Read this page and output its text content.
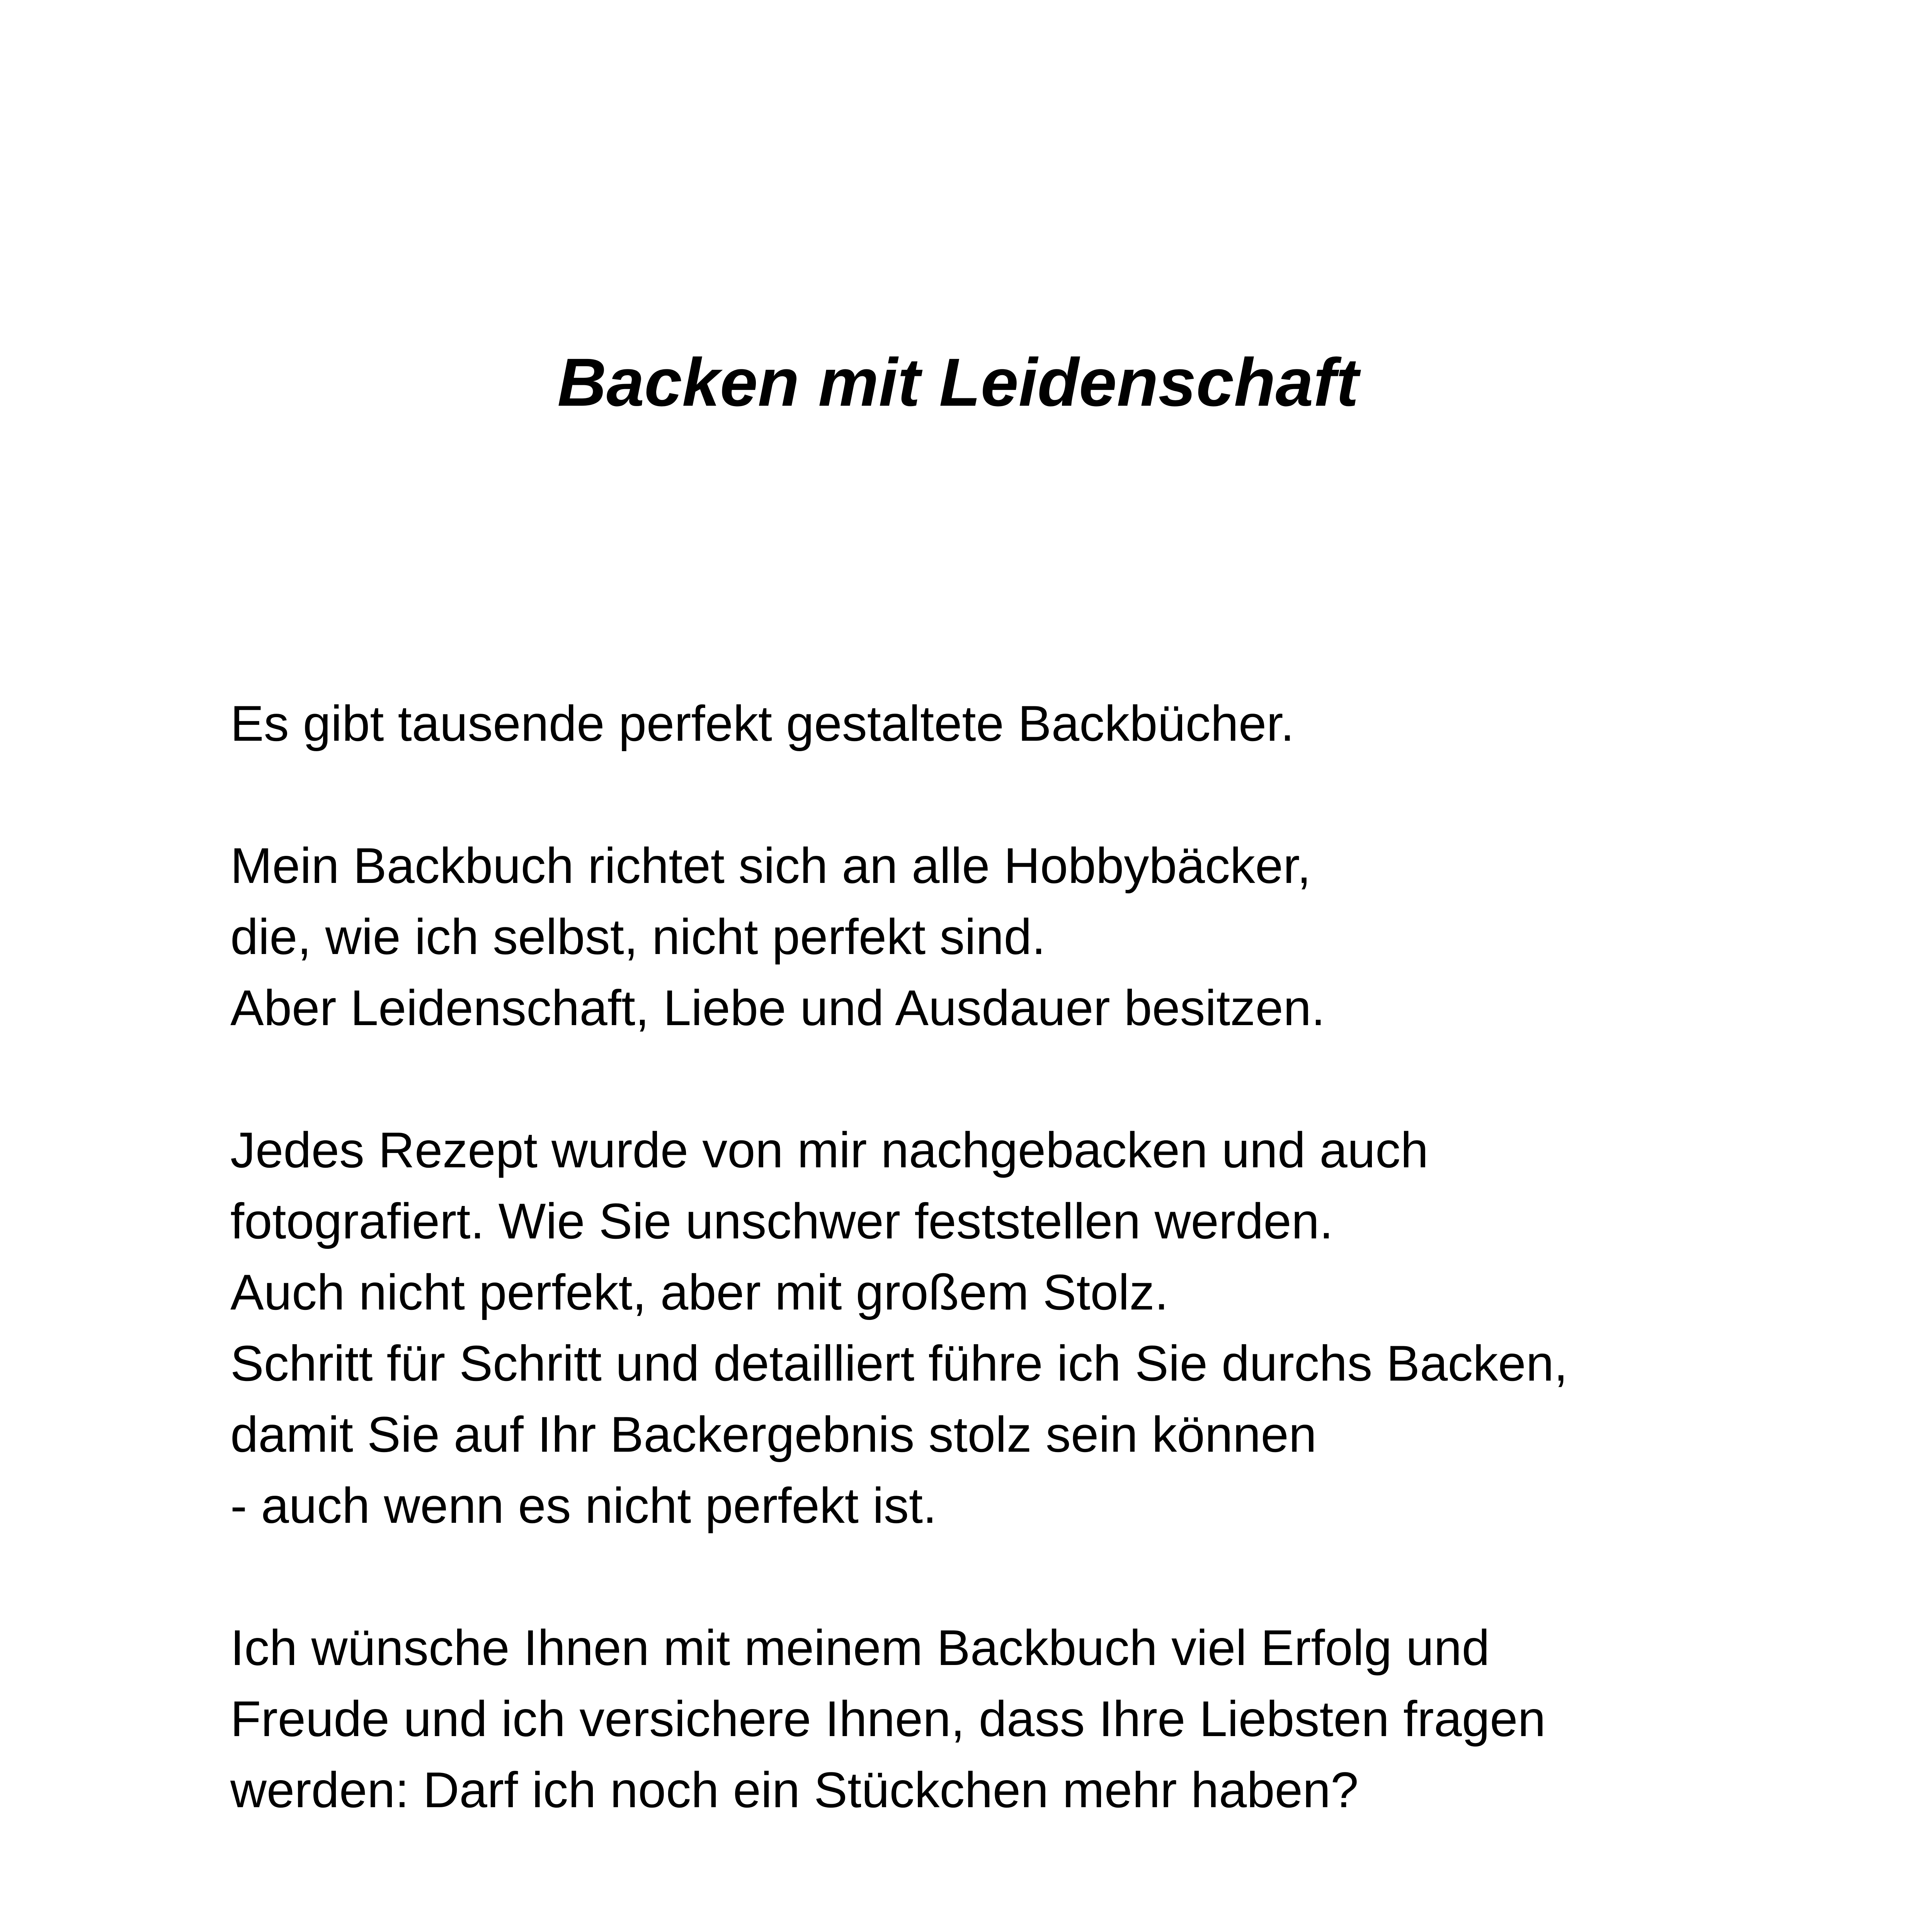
Backen mit Leidenschaft

Es gibt tausende perfekt gestaltete Backbücher.

Mein Backbuch richtet sich an alle Hobbybäcker,
die, wie ich selbst, nicht perfekt sind.
Aber Leidenschaft, Liebe und Ausdauer besitzen.

Jedes Rezept wurde von mir nachgebacken und auch
fotografiert. Wie Sie unschwer feststellen werden.
Auch nicht perfekt, aber mit großem Stolz.
Schritt für Schritt und detailliert führe ich Sie durchs Backen,
damit Sie auf Ihr Backergebnis stolz sein können
- auch wenn es nicht perfekt ist.

Ich wünsche Ihnen mit meinem Backbuch viel Erfolg und
Freude und ich versichere Ihnen, dass Ihre Liebsten fragen
werden: Darf ich noch ein Stückchen mehr haben?
